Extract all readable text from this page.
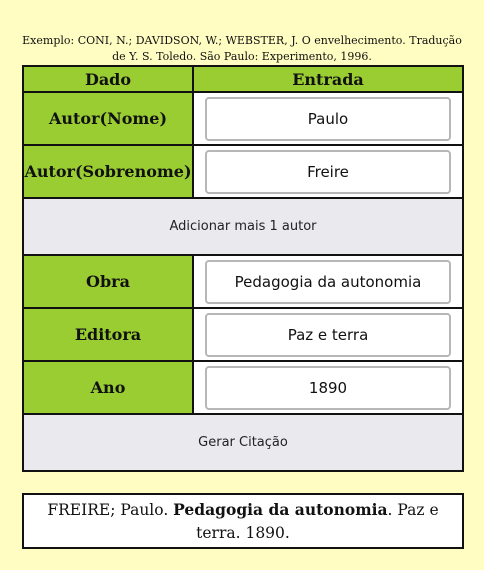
Exemplo: CONI, N.; DAVIDSON, W.; WEBSTER, J. O envelhecimento. Tradução de Y. S. Toledo. São Paulo: Experimento, 1996.
Dado	Entrada
Autor(Nome)
Paulo
Autor(Sobrenome)
Freire
Adicionar mais 1 autor
Obra
Pedagogia da autonomia
Editora
Paz e terra
Ano
1890
Gerar Citação
FREIRE; Paulo. Pedagogia da autonomia. Paz e terra. 1890.
